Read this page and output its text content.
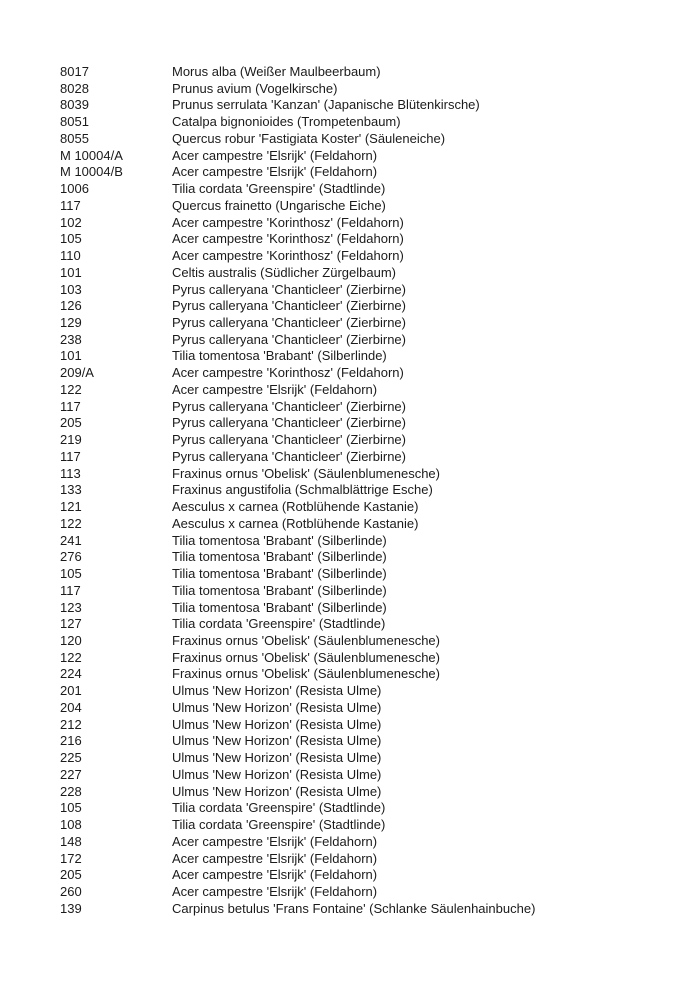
8017	Morus alba (Weißer Maulbeerbaum)
8028	Prunus avium (Vogelkirsche)
8039	Prunus serrulata 'Kanzan' (Japanische Blütenkirsche)
8051	Catalpa bignonioides (Trompetenbaum)
8055	Quercus robur 'Fastigiata Koster' (Säuleneiche)
M 10004/A	Acer campestre 'Elsrijk' (Feldahorn)
M 10004/B	Acer campestre 'Elsrijk' (Feldahorn)
1006	Tilia cordata 'Greenspire' (Stadtlinde)
117	Quercus frainetto (Ungarische Eiche)
102	Acer campestre 'Korinthosz' (Feldahorn)
105	Acer campestre 'Korinthosz' (Feldahorn)
110	Acer campestre 'Korinthosz' (Feldahorn)
101	Celtis australis (Südlicher Zürgelbaum)
103	Pyrus calleryana 'Chanticleer' (Zierbirne)
126	Pyrus calleryana 'Chanticleer' (Zierbirne)
129	Pyrus calleryana 'Chanticleer' (Zierbirne)
238	Pyrus calleryana 'Chanticleer' (Zierbirne)
101	Tilia tomentosa 'Brabant' (Silberlinde)
209/A	Acer campestre 'Korinthosz' (Feldahorn)
122	Acer campestre 'Elsrijk' (Feldahorn)
117	Pyrus calleryana 'Chanticleer' (Zierbirne)
205	Pyrus calleryana 'Chanticleer' (Zierbirne)
219	Pyrus calleryana 'Chanticleer' (Zierbirne)
117	Pyrus calleryana 'Chanticleer' (Zierbirne)
113	Fraxinus ornus 'Obelisk' (Säulenblumenesche)
133	Fraxinus angustifolia (Schmalblättrige Esche)
121	Aesculus x carnea (Rotblühende Kastanie)
122	Aesculus x carnea (Rotblühende Kastanie)
241	Tilia tomentosa 'Brabant' (Silberlinde)
276	Tilia tomentosa 'Brabant' (Silberlinde)
105	Tilia tomentosa 'Brabant' (Silberlinde)
117	Tilia tomentosa 'Brabant' (Silberlinde)
123	Tilia tomentosa 'Brabant' (Silberlinde)
127	Tilia cordata 'Greenspire' (Stadtlinde)
120	Fraxinus ornus 'Obelisk' (Säulenblumenesche)
122	Fraxinus ornus 'Obelisk' (Säulenblumenesche)
224	Fraxinus ornus 'Obelisk' (Säulenblumenesche)
201	Ulmus 'New Horizon' (Resista Ulme)
204	Ulmus 'New Horizon' (Resista Ulme)
212	Ulmus 'New Horizon' (Resista Ulme)
216	Ulmus 'New Horizon' (Resista Ulme)
225	Ulmus 'New Horizon' (Resista Ulme)
227	Ulmus 'New Horizon' (Resista Ulme)
228	Ulmus 'New Horizon' (Resista Ulme)
105	Tilia cordata 'Greenspire' (Stadtlinde)
108	Tilia cordata 'Greenspire' (Stadtlinde)
148	Acer campestre 'Elsrijk' (Feldahorn)
172	Acer campestre 'Elsrijk' (Feldahorn)
205	Acer campestre 'Elsrijk' (Feldahorn)
260	Acer campestre 'Elsrijk' (Feldahorn)
139	Carpinus betulus 'Frans Fontaine' (Schlanke Säulenhainbuche)
